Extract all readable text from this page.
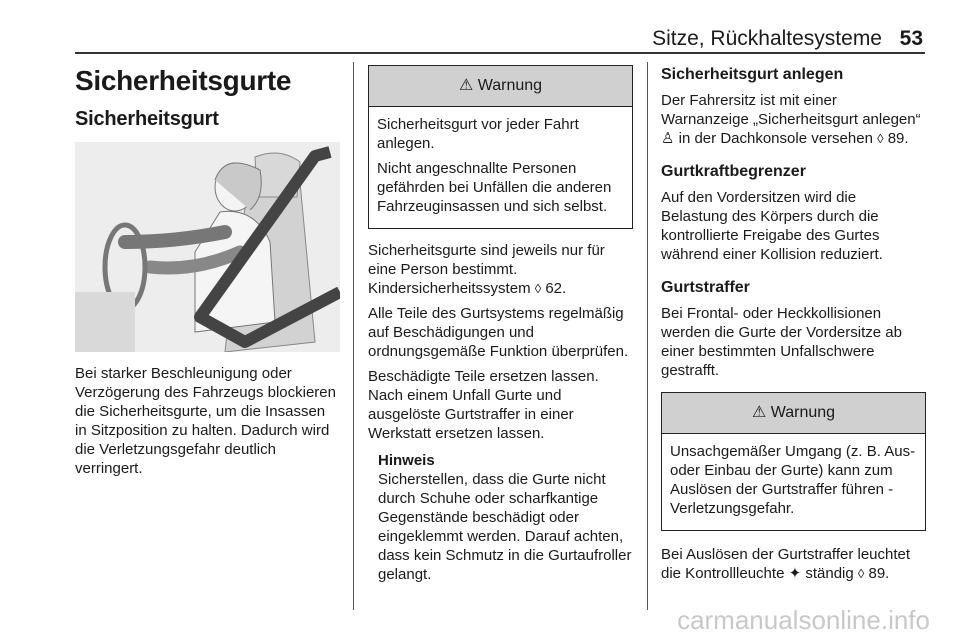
Sitze, Rückhaltesysteme 53
Sicherheitsgurte
Sicherheitsgurt

Bei starker Beschleunigung oder Verzögerung des Fahrzeugs blockieren die Sicherheitsgurte, um die Insassen in Sitzposition zu halten. Dadurch wird die Verletzungsgefahr deutlich verringert.

⚠ Warnung

Sicherheitsgurt vor jeder Fahrt anlegen.

Nicht angeschnallte Personen gefährden bei Unfällen die anderen Fahrzeuginsassen und sich selbst.

Sicherheitsgurte sind jeweils nur für eine Person bestimmt. Kindersicherheitssystem ◊ 62.

Alle Teile des Gurtsystems regelmäßig auf Beschädigungen und ordnungsgemäße Funktion überprüfen.

Beschädigte Teile ersetzen lassen. Nach einem Unfall Gurte und ausgelöste Gurtstraffer in einer Werkstatt ersetzen lassen.

Hinweis

Sicherstellen, dass die Gurte nicht durch Schuhe oder scharfkantige Gegenstände beschädigt oder eingeklemmt werden. Darauf achten, dass kein Schmutz in die Gurtaufroller gelangt.

Sicherheitsgurt anlegen

Der Fahrersitz ist mit einer Warnanzeige „Sicherheitsgurt anlegen“ ♙ in der Dachkonsole versehen ◊ 89.

Gurtkraftbegrenzer

Auf den Vordersitzen wird die Belastung des Körpers durch die kontrollierte Freigabe des Gurtes während einer Kollision reduziert.

Gurtstraffer

Bei Frontal- oder Heckkollisionen werden die Gurte der Vordersitze ab einer bestimmten Unfallschwere gestrafft.

⚠ Warnung

Unsachgemäßer Umgang (z. B. Aus- oder Einbau der Gurte) kann zum Auslösen der Gurtstraffer führen - Verletzungsgefahr.

Bei Auslösen der Gurtstraffer leuchtet die Kontrollleuchte ✦ ständig ◊ 89.

carmanualsonline.info
